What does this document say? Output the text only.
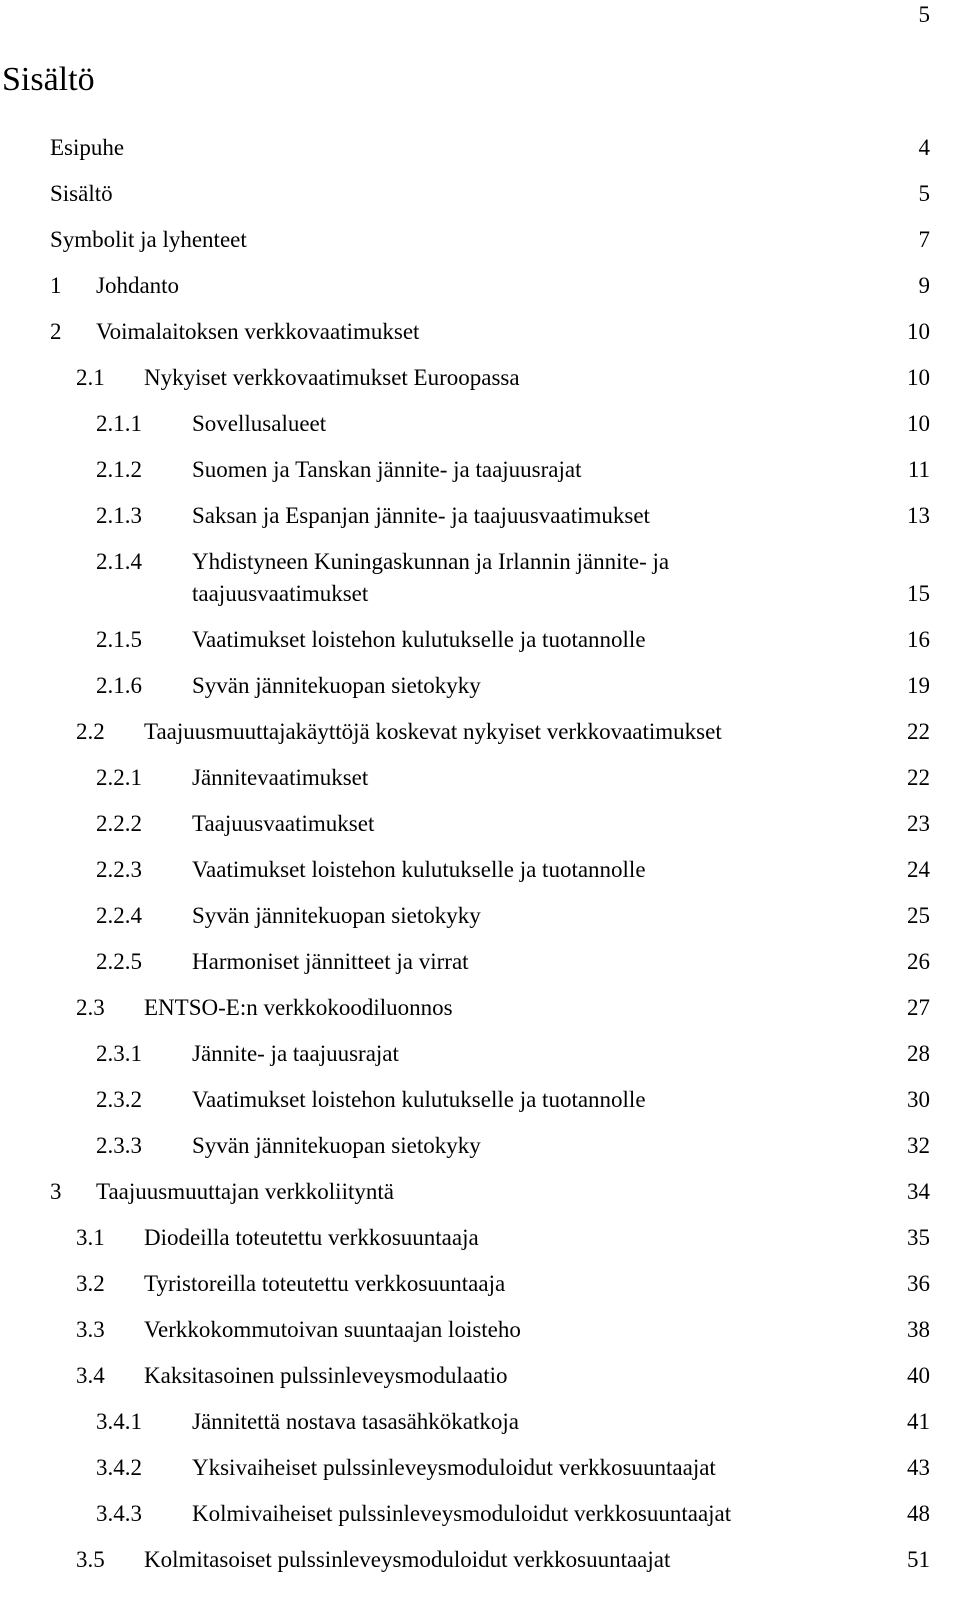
5
Sisältö
Esipuhe	4
Sisältö	5
Symbolit ja lyhenteet	7
1 Johdanto	9
2 Voimalaitoksen verkkovaatimukset	10
2.1 Nykyiset verkkovaatimukset Euroopassa	10
2.1.1 Sovellusalueet	10
2.1.2 Suomen ja Tanskan jännite- ja taajuusrajat	11
2.1.3 Saksan ja Espanjan jännite- ja taajuusvaatimukset	13
2.1.4 Yhdistyneen Kuningaskunnan ja Irlannin jännite- ja taajuusvaatimukset	15
2.1.5 Vaatimukset loistehon kulutukselle ja tuotannolle	16
2.1.6 Syvän jännitekuopan sietokyky	19
2.2 Taajuusmuuttajakäyttöjä koskevat nykyiset verkkovaatimukset	22
2.2.1 Jännitevaatimukset	22
2.2.2 Taajuusvaatimukset	23
2.2.3 Vaatimukset loistehon kulutukselle ja tuotannolle	24
2.2.4 Syvän jännitekuopan sietokyky	25
2.2.5 Harmoniset jännitteet ja virrat	26
2.3 ENTSO-E:n verkkokoodiluonnos	27
2.3.1 Jännite- ja taajuusrajat	28
2.3.2 Vaatimukset loistehon kulutukselle ja tuotannolle	30
2.3.3 Syvän jännitekuopan sietokyky	32
3 Taajuusmuuttajan verkkoliityntä	34
3.1 Diodeilla toteutettu verkkosuuntaaja	35
3.2 Tyristoreilla toteutettu verkkosuuntaaja	36
3.3 Verkkokommutoivan suuntaajan loisteho	38
3.4 Kaksitasoinen pulssinleveysmodulaatio	40
3.4.1 Jännitettä nostava tasasähkökatkoja	41
3.4.2 Yksivaiheiset pulssinleveysmoduloidut verkkosuuntaajat	43
3.4.3 Kolmivaiheiset pulssinleveysmoduloidut verkkosuuntaajat	48
3.5 Kolmitasoiset pulssinleveysmoduloidut verkkosuuntaajat	51
